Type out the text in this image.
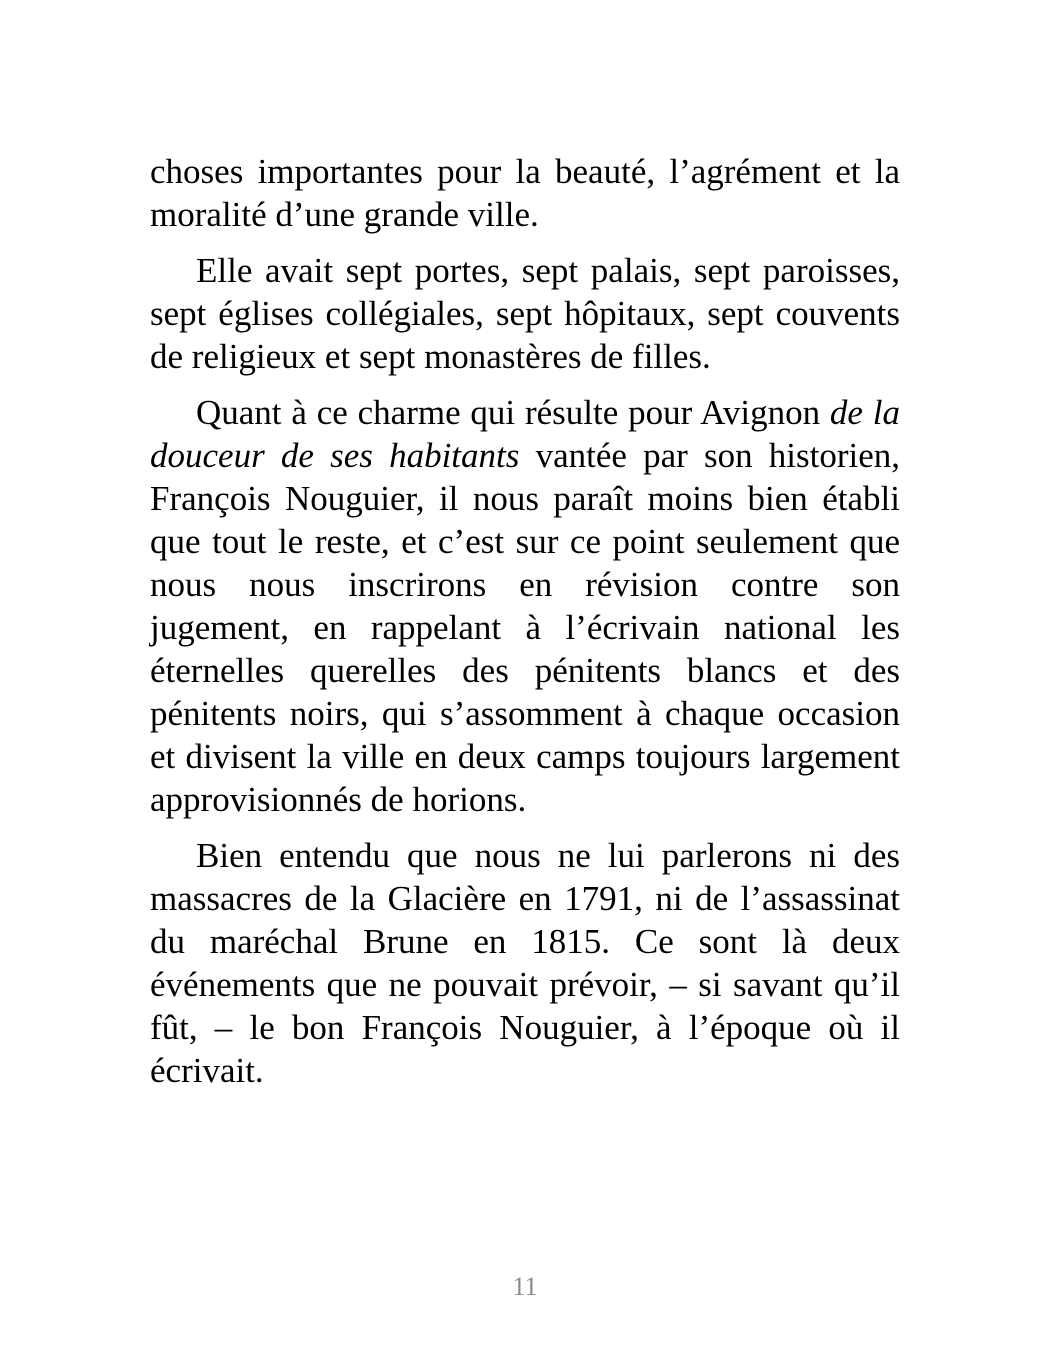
choses importantes pour la beauté, l’agrément et la moralité d’une grande ville.

Elle avait sept portes, sept palais, sept paroisses, sept églises collégiales, sept hôpitaux, sept couvents de religieux et sept monastères de filles.

Quant à ce charme qui résulte pour Avignon de la douceur de ses habitants vantée par son historien, François Nouguier, il nous paraît moins bien établi que tout le reste, et c’est sur ce point seulement que nous nous inscrirons en révision contre son jugement, en rappelant à l’écrivain national les éternelles querelles des pénitents blancs et des pénitents noirs, qui s’assomment à chaque occasion et divisent la ville en deux camps toujours largement approvisionnés de horions.

Bien entendu que nous ne lui parlerons ni des massacres de la Glacière en 1791, ni de l’assassinat du maréchal Brune en 1815. Ce sont là deux événements que ne pouvait prévoir, – si savant qu’il fût, – le bon François Nouguier, à l’époque où il écrivait.

11
